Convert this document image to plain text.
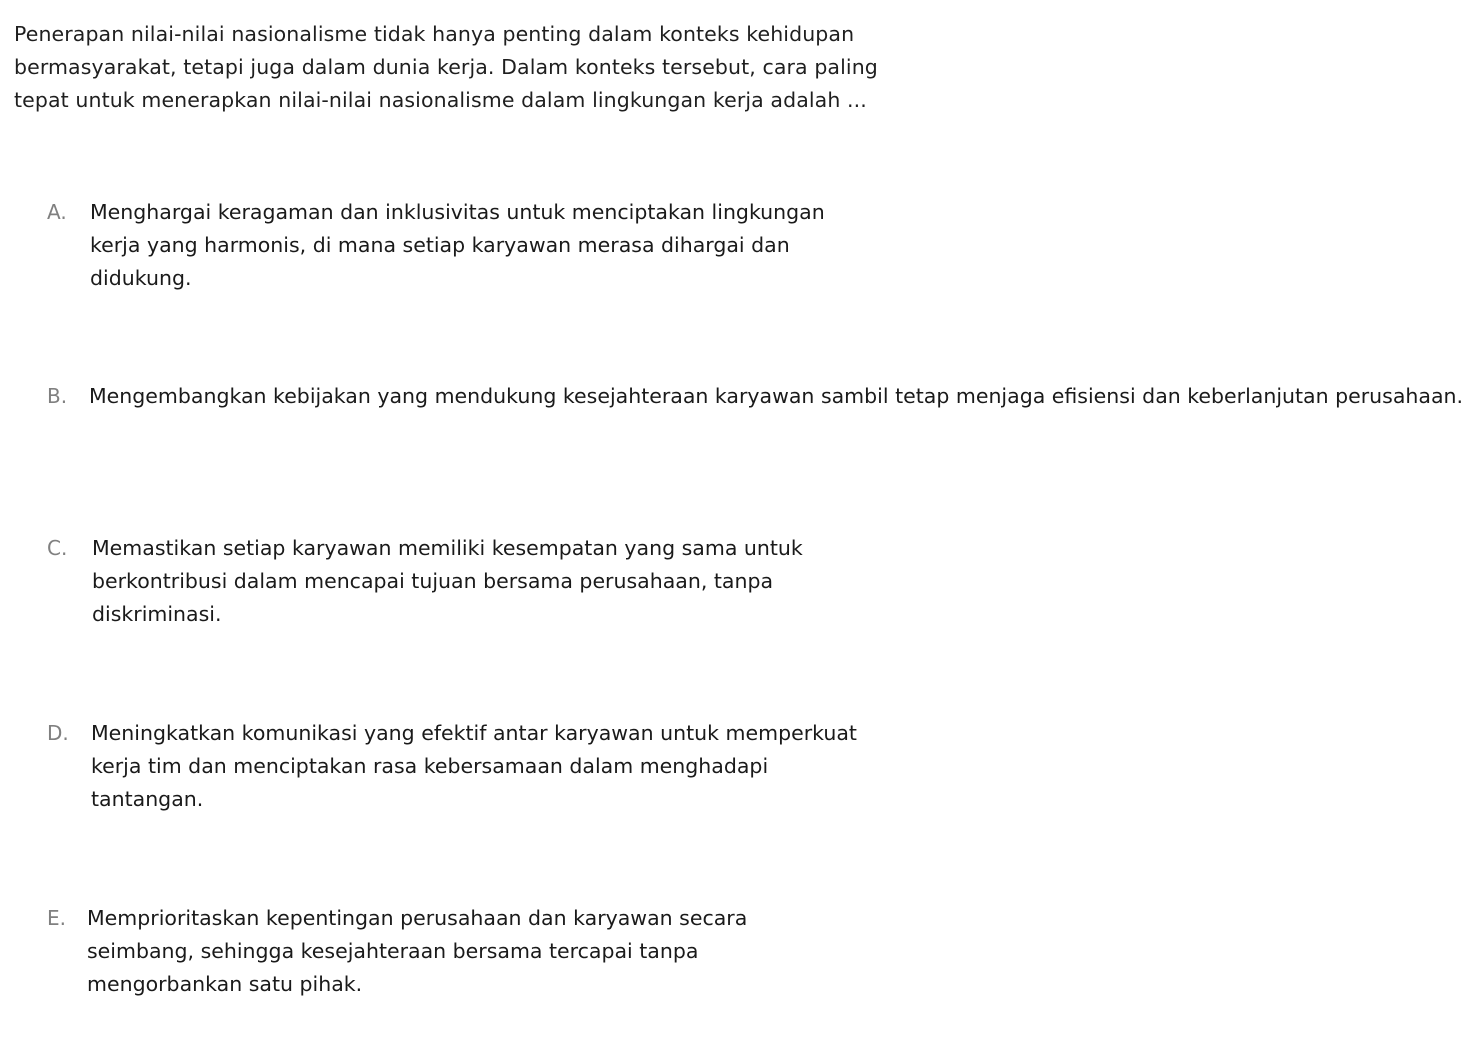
Penerapan nilai-nilai nasionalisme tidak hanya penting dalam konteks kehidupan bermasyarakat, tetapi juga dalam dunia kerja. Dalam konteks tersebut, cara paling tepat untuk menerapkan nilai-nilai nasionalisme dalam lingkungan kerja adalah ...

A.	Menghargai keragaman dan inklusivitas untuk menciptakan lingkungan kerja yang harmonis, di mana setiap karyawan merasa dihargai dan didukung.
B.	Mengembangkan kebijakan yang mendukung kesejahteraan karyawan sambil tetap menjaga efisiensi dan keberlanjutan perusahaan.
C.	Memastikan setiap karyawan memiliki kesempatan yang sama untuk berkontribusi dalam mencapai tujuan bersama perusahaan, tanpa diskriminasi.
D.	Meningkatkan komunikasi yang efektif antar karyawan untuk memperkuat kerja tim dan menciptakan rasa kebersamaan dalam menghadapi tantangan.
E.	Memprioritaskan kepentingan perusahaan dan karyawan secara seimbang, sehingga kesejahteraan bersama tercapai tanpa mengorbankan satu pihak.
